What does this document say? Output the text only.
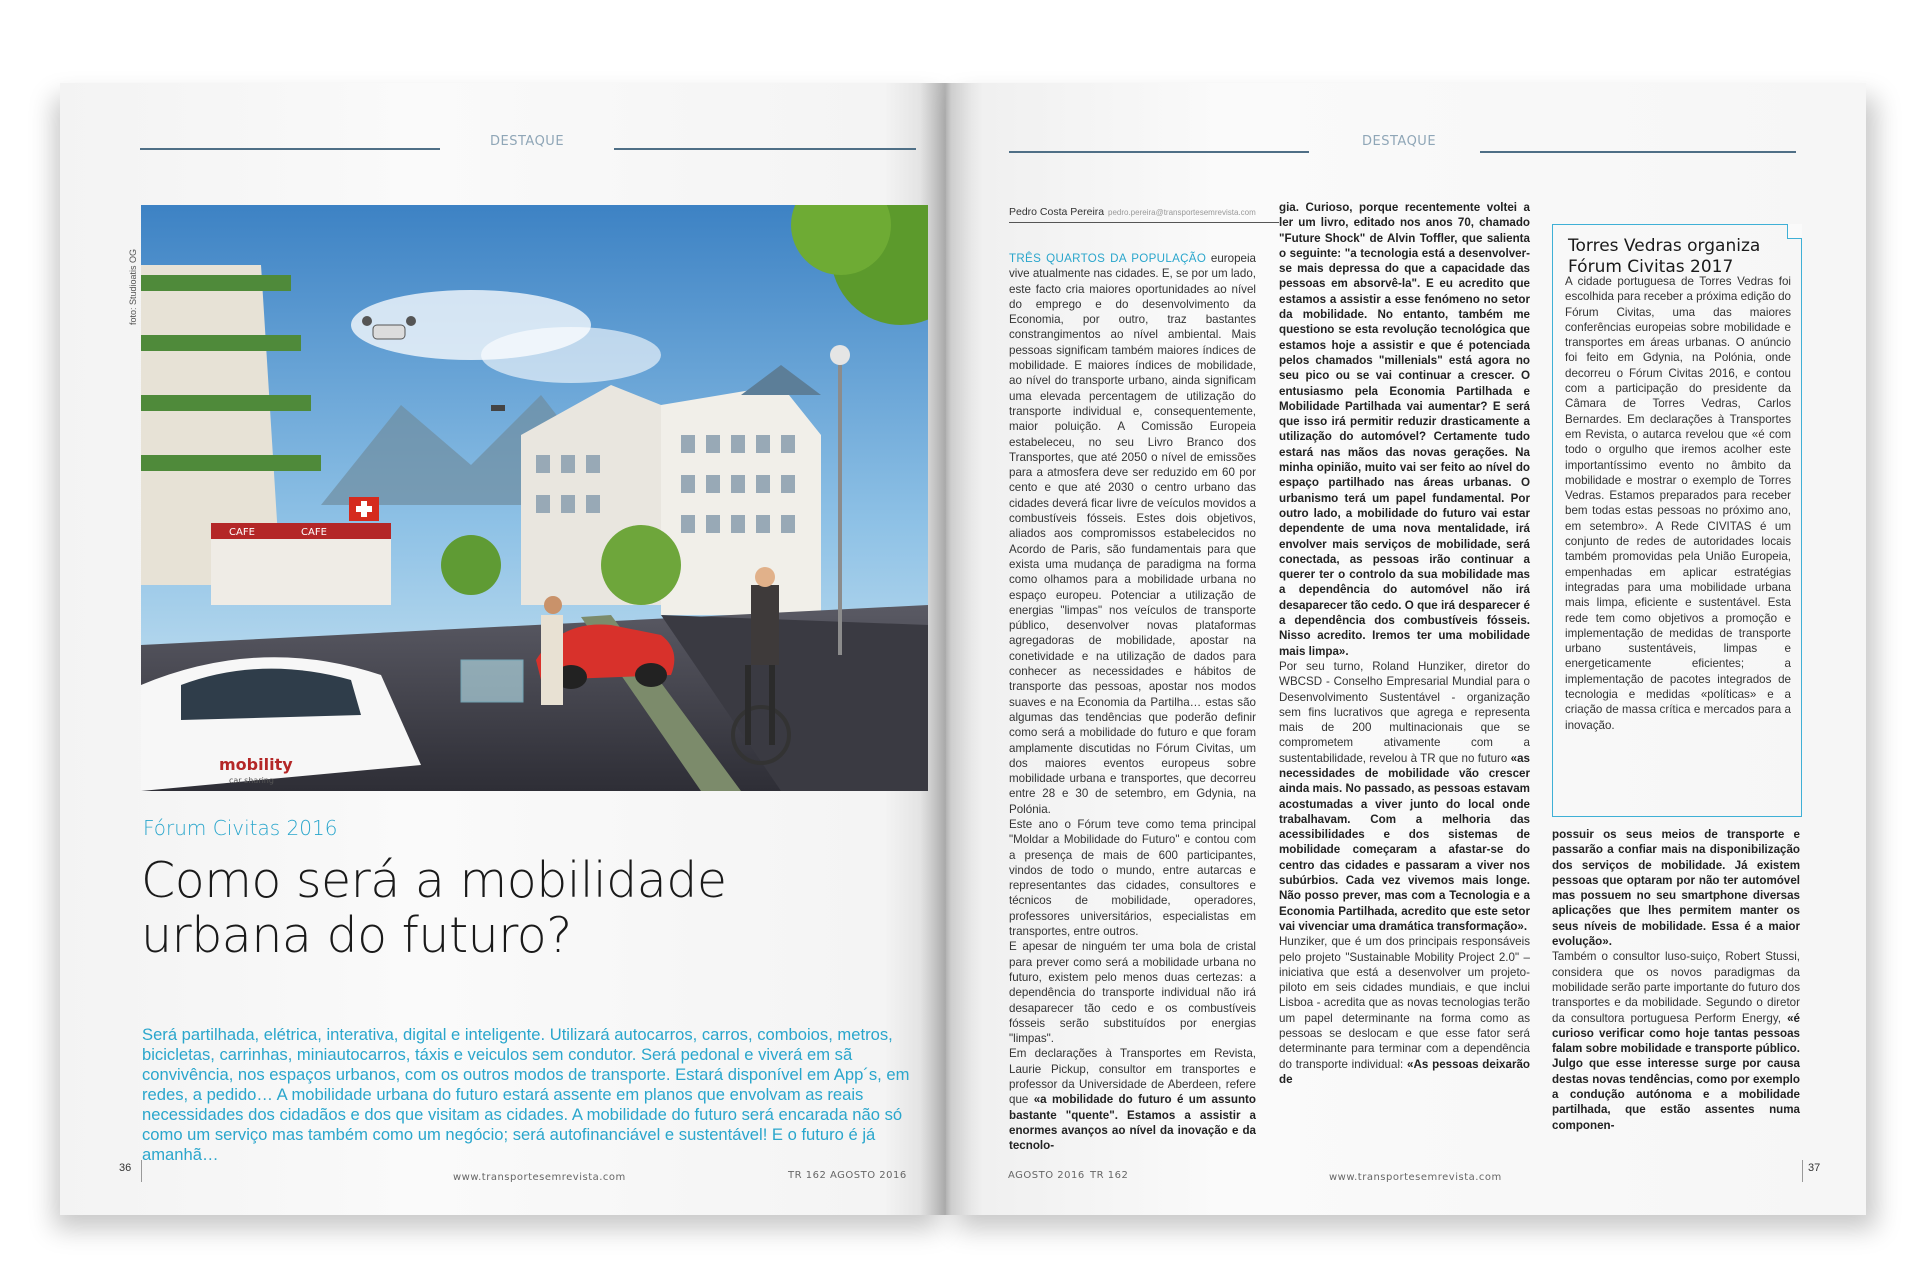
DESTAQUE
foto: Studioatis OG
CAFE	CAFE
mobility
car sharing
Fórum Civitas 2016
Como será a mobilidade
urbana do futuro?
Será partilhada, elétrica, interativa, digital e inteligente. Utilizará autocarros, carros, comboios, metros, bicicletas, carrinhas, miniautocarros, táxis e veiculos sem condutor. Será pedonal e viverá em sã convivência, nos espaços urbanos, com os outros modos de transporte. Estará disponível em App´s, em redes, a pedido… A mobilidade urbana do futuro estará assente em planos que envolvam as reais necessidades dos cidadãos e dos que visitam as cidades. A mobilidade do futuro será encarada não só como um serviço mas também como um negócio; será autofinanciável e sustentável! E o futuro é já amanhã…
36
www.transportesemrevista.com	TR 162 AGOSTO 2016
DESTAQUE
Pedro Costa Pereira pedro.pereira@transportesemrevista.com

TRÊS QUARTOS DA POPULAÇÃO europeia vive atualmente nas cidades. E, se por um lado, este facto cria maiores oportunidades ao nível do emprego e do desenvolvimento da Economia, por outro, traz bastantes constrangimentos ao nível ambiental. Mais pessoas significam também maiores índices de mobilidade. E maiores índices de mobilidade, ao nível do transporte urbano, ainda significam uma elevada percentagem de utilização do transporte individual e, consequentemente, maior poluição. A Comissão Europeia estabeleceu, no seu Livro Branco dos Transportes, que até 2050 o nível de emissões para a atmosfera deve ser reduzido em 60 por cento e que até 2030 o centro urbano das cidades deverá ficar livre de veículos movidos a combustíveis fósseis. Estes dois objetivos, aliados aos compromissos estabelecidos no Acordo de Paris, são fundamentais para que exista uma mudança de paradigma na forma como olhamos para a mobilidade urbana no espaço europeu. Potenciar a utilização de energias "limpas" nos veículos de transporte público, desenvolver novas plataformas agregadoras de mobilidade, apostar na conetividade e na utilização de dados para conhecer as necessidades e hábitos de transporte das pessoas, apostar nos modos suaves e na Economia da Partilha… estas são algumas das tendências que poderão definir como será a mobilidade do futuro e que foram amplamente discutidas no Fórum Civitas, um dos maiores eventos europeus sobre mobilidade urbana e transportes, que decorreu entre 28 e 30 de setembro, em Gdynia, na Polónia.

Este ano o Fórum teve como tema principal "Moldar a Mobilidade do Futuro" e contou com a presença de mais de 600 participantes, vindos de todo o mundo, entre autarcas e representantes das cidades, consultores e técnicos de mobilidade, operadores, professores universitários, especialistas em transportes, entre outros.

E apesar de ninguém ter uma bola de cristal para prever como será a mobilidade urbana no futuro, existem pelo menos duas certezas: a dependência do transporte individual não irá desaparecer tão cedo e os combustíveis fósseis serão substituídos por energias "limpas".

Em declarações à Transportes em Revista, Laurie Pickup, consultor em transportes e professor da Universidade de Aberdeen, refere que «a mobilidade do futuro é um assunto bastante "quente". Estamos a assistir a enormes avanços ao nível da inovação e da tecnolo-

gia. Curioso, porque recentemente voltei a ler um livro, editado nos anos 70, chamado "Future Shock" de Alvin Toffler, que salienta o seguinte: "a tecnologia está a desenvolver-se mais depressa do que a capacidade das pessoas em absorvê-la". E eu acredito que estamos a assistir a esse fenómeno no setor da mobilidade. No entanto, também me questiono se esta revolução tecnológica que estamos hoje a assistir e que é potenciada pelos chamados "millenials" está agora no seu pico ou se vai continuar a crescer. O entusiasmo pela Economia Partilhada e Mobilidade Partilhada vai aumentar? E será que isso irá permitir reduzir drasticamente a utilização do automóvel? Certamente tudo estará nas mãos das novas gerações. Na minha opinião, muito vai ser feito ao nível do espaço partilhado nas áreas urbanas. O urbanismo terá um papel fundamental. Por outro lado, a mobilidade do futuro vai estar dependente de uma nova mentalidade, irá envolver mais serviços de mobilidade, será conectada, as pessoas irão continuar a querer ter o controlo da sua mobilidade mas a dependência do automóvel não irá desaparecer tão cedo. O que irá desparecer é a dependência dos combustíveis fósseis. Nisso acredito. Iremos ter uma mobilidade mais limpa».

Por seu turno, Roland Hunziker, diretor do WBCSD - Conselho Empresarial Mundial para o Desenvolvimento Sustentável - organização sem fins lucrativos que agrega e representa mais de 200 multinacionais que se comprometem ativamente com a sustentabilidade, revelou à TR que no futuro «as necessidades de mobilidade vão crescer ainda mais. No passado, as pessoas estavam acostumadas a viver junto do local onde trabalhavam. Com a melhoria das acessibilidades e dos sistemas de mobilidade começaram a afastar-se do centro das cidades e passaram a viver nos subúrbios. Cada vez vivemos mais longe. Não posso prever, mas com a Tecnologia e a Economia Partilhada, acredito que este setor vai vivenciar uma dramática transformação».

Hunziker, que é um dos principais responsáveis pelo projeto "Sustainable Mobility Project 2.0" – iniciativa que está a desenvolver um projeto-piloto em seis cidades mundiais, e que inclui Lisboa - acredita que as novas tecnologias terão um papel determinante na forma como as pessoas se deslocam e que esse fator será determinante para terminar com a dependência do transporte individual: «As pessoas deixarão de

Torres Vedras organiza Fórum Civitas 2017
A cidade portuguesa de Torres Vedras foi escolhida para receber a próxima edição do Fórum Civitas, uma das maiores conferências europeias sobre mobilidade e transportes em áreas urbanas. O anúncio foi feito em Gdynia, na Polónia, onde decorreu o Fórum Civitas 2016, e contou com a participação do presidente da Câmara de Torres Vedras, Carlos Bernardes. Em declarações à Transportes em Revista, o autarca revelou que «é com todo o orgulho que iremos acolher este importantíssimo evento no âmbito da mobilidade e mostrar o exemplo de Torres Vedras. Estamos preparados para receber bem todas estas pessoas no próximo ano, em setembro». A Rede CIVITAS é um conjunto de redes de autoridades locais também promovidas pela União Europeia, empenhadas em aplicar estratégias integradas para uma mobilidade urbana mais limpa, eficiente e sustentável. Esta rede tem como objetivos a promoção e implementação de medidas de transporte urbano sustentáveis, limpas e energeticamente eficientes; a implementação de pacotes integrados de tecnologia e medidas «políticas» e a criação de massa crítica e mercados para a inovação.

possuir os seus meios de transporte e passarão a confiar mais na disponibilização dos serviços de mobilidade. Já existem pessoas que optaram por não ter automóvel mas possuem no seu smartphone diversas aplicações que lhes permitem manter os seus níveis de mobilidade. Essa é a maior evolução».

Também o consultor luso-suiço, Robert Stussi, considera que os novos paradigmas da mobilidade serão parte importante do futuro dos transportes e da mobilidade. Segundo o diretor da consultora portuguesa Perform Energy, «é curioso verificar como hoje tantas pessoas falam sobre mobilidade e transporte público. Julgo que esse interesse surge por causa destas novas tendências, como por exemplo a condução autónoma e a mobilidade partilhada, que estão assentes numa componen-

AGOSTO 2016 TR 162	www.transportesemrevista.com
37
